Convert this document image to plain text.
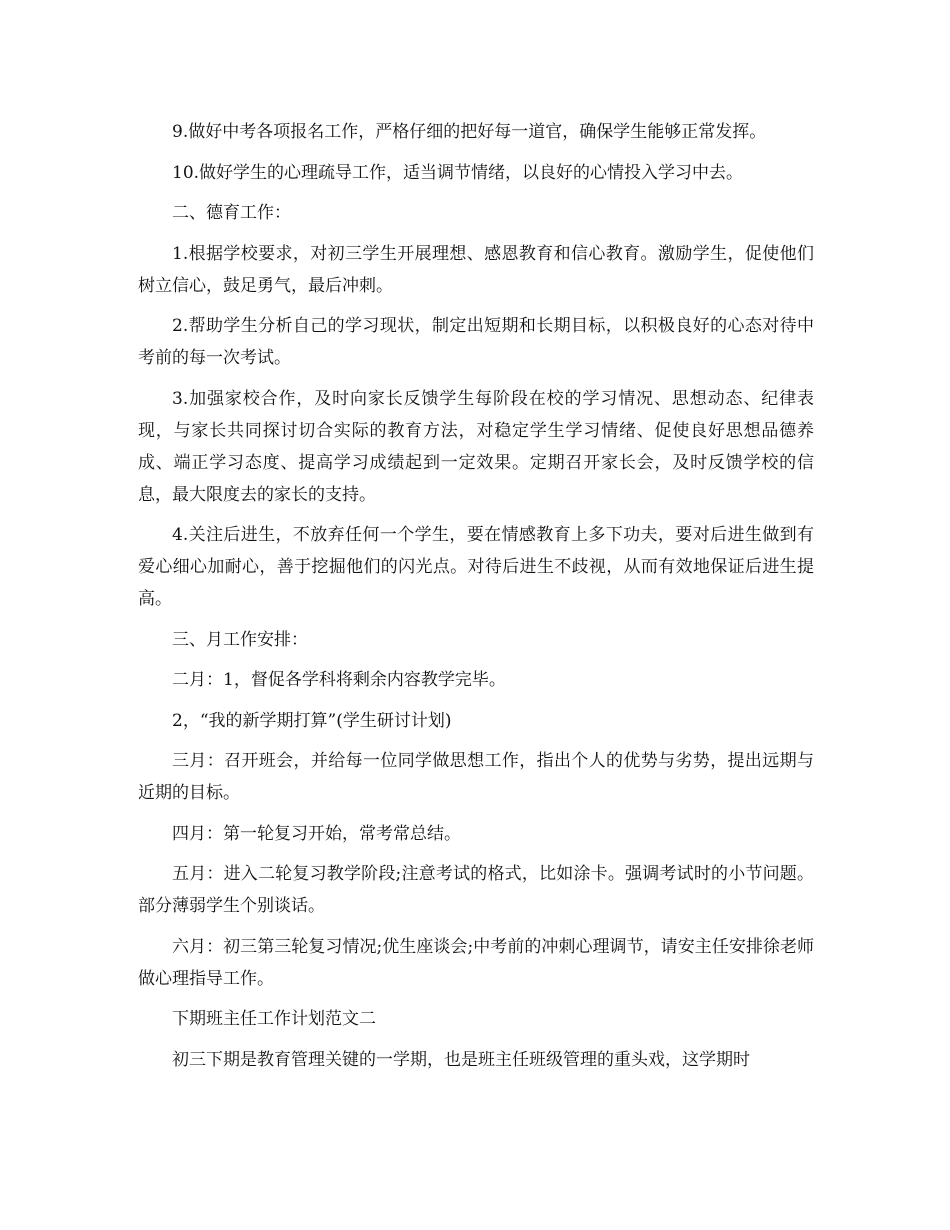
9.做好中考各项报名工作，严格仔细的把好每一道官，确保学生能够正常发挥。

10.做好学生的心理疏导工作，适当调节情绪，以良好的心情投入学习中去。

二、德育工作：

1.根据学校要求，对初三学生开展理想、感恩教育和信心教育。激励学生，促使他们树立信心，鼓足勇气，最后冲刺。

2.帮助学生分析自己的学习现状，制定出短期和长期目标，以积极良好的心态对待中考前的每一次考试。

3.加强家校合作，及时向家长反馈学生每阶段在校的学习情况、思想动态、纪律表现，与家长共同探讨切合实际的教育方法，对稳定学生学习情绪、促使良好思想品德养成、端正学习态度、提高学习成绩起到一定效果。定期召开家长会，及时反馈学校的信息，最大限度去的家长的支持。

4.关注后进生，不放弃任何一个学生，要在情感教育上多下功夫，要对后进生做到有爱心细心加耐心，善于挖掘他们的闪光点。对待后进生不歧视，从而有效地保证后进生提高。

三、月工作安排：

二月：1，督促各学科将剩余内容教学完毕。

2，“我的新学期打算”(学生研讨计划)

三月：召开班会，并给每一位同学做思想工作，指出个人的优势与劣势，提出远期与近期的目标。

四月：第一轮复习开始，常考常总结。

五月：进入二轮复习教学阶段;注意考试的格式，比如涂卡。强调考试时的小节问题。部分薄弱学生个别谈话。

六月：初三第三轮复习情况;优生座谈会;中考前的冲刺心理调节，请安主任安排徐老师做心理指导工作。

下期班主任工作计划范文二

初三下期是教育管理关键的一学期，也是班主任班级管理的重头戏，这学期时
